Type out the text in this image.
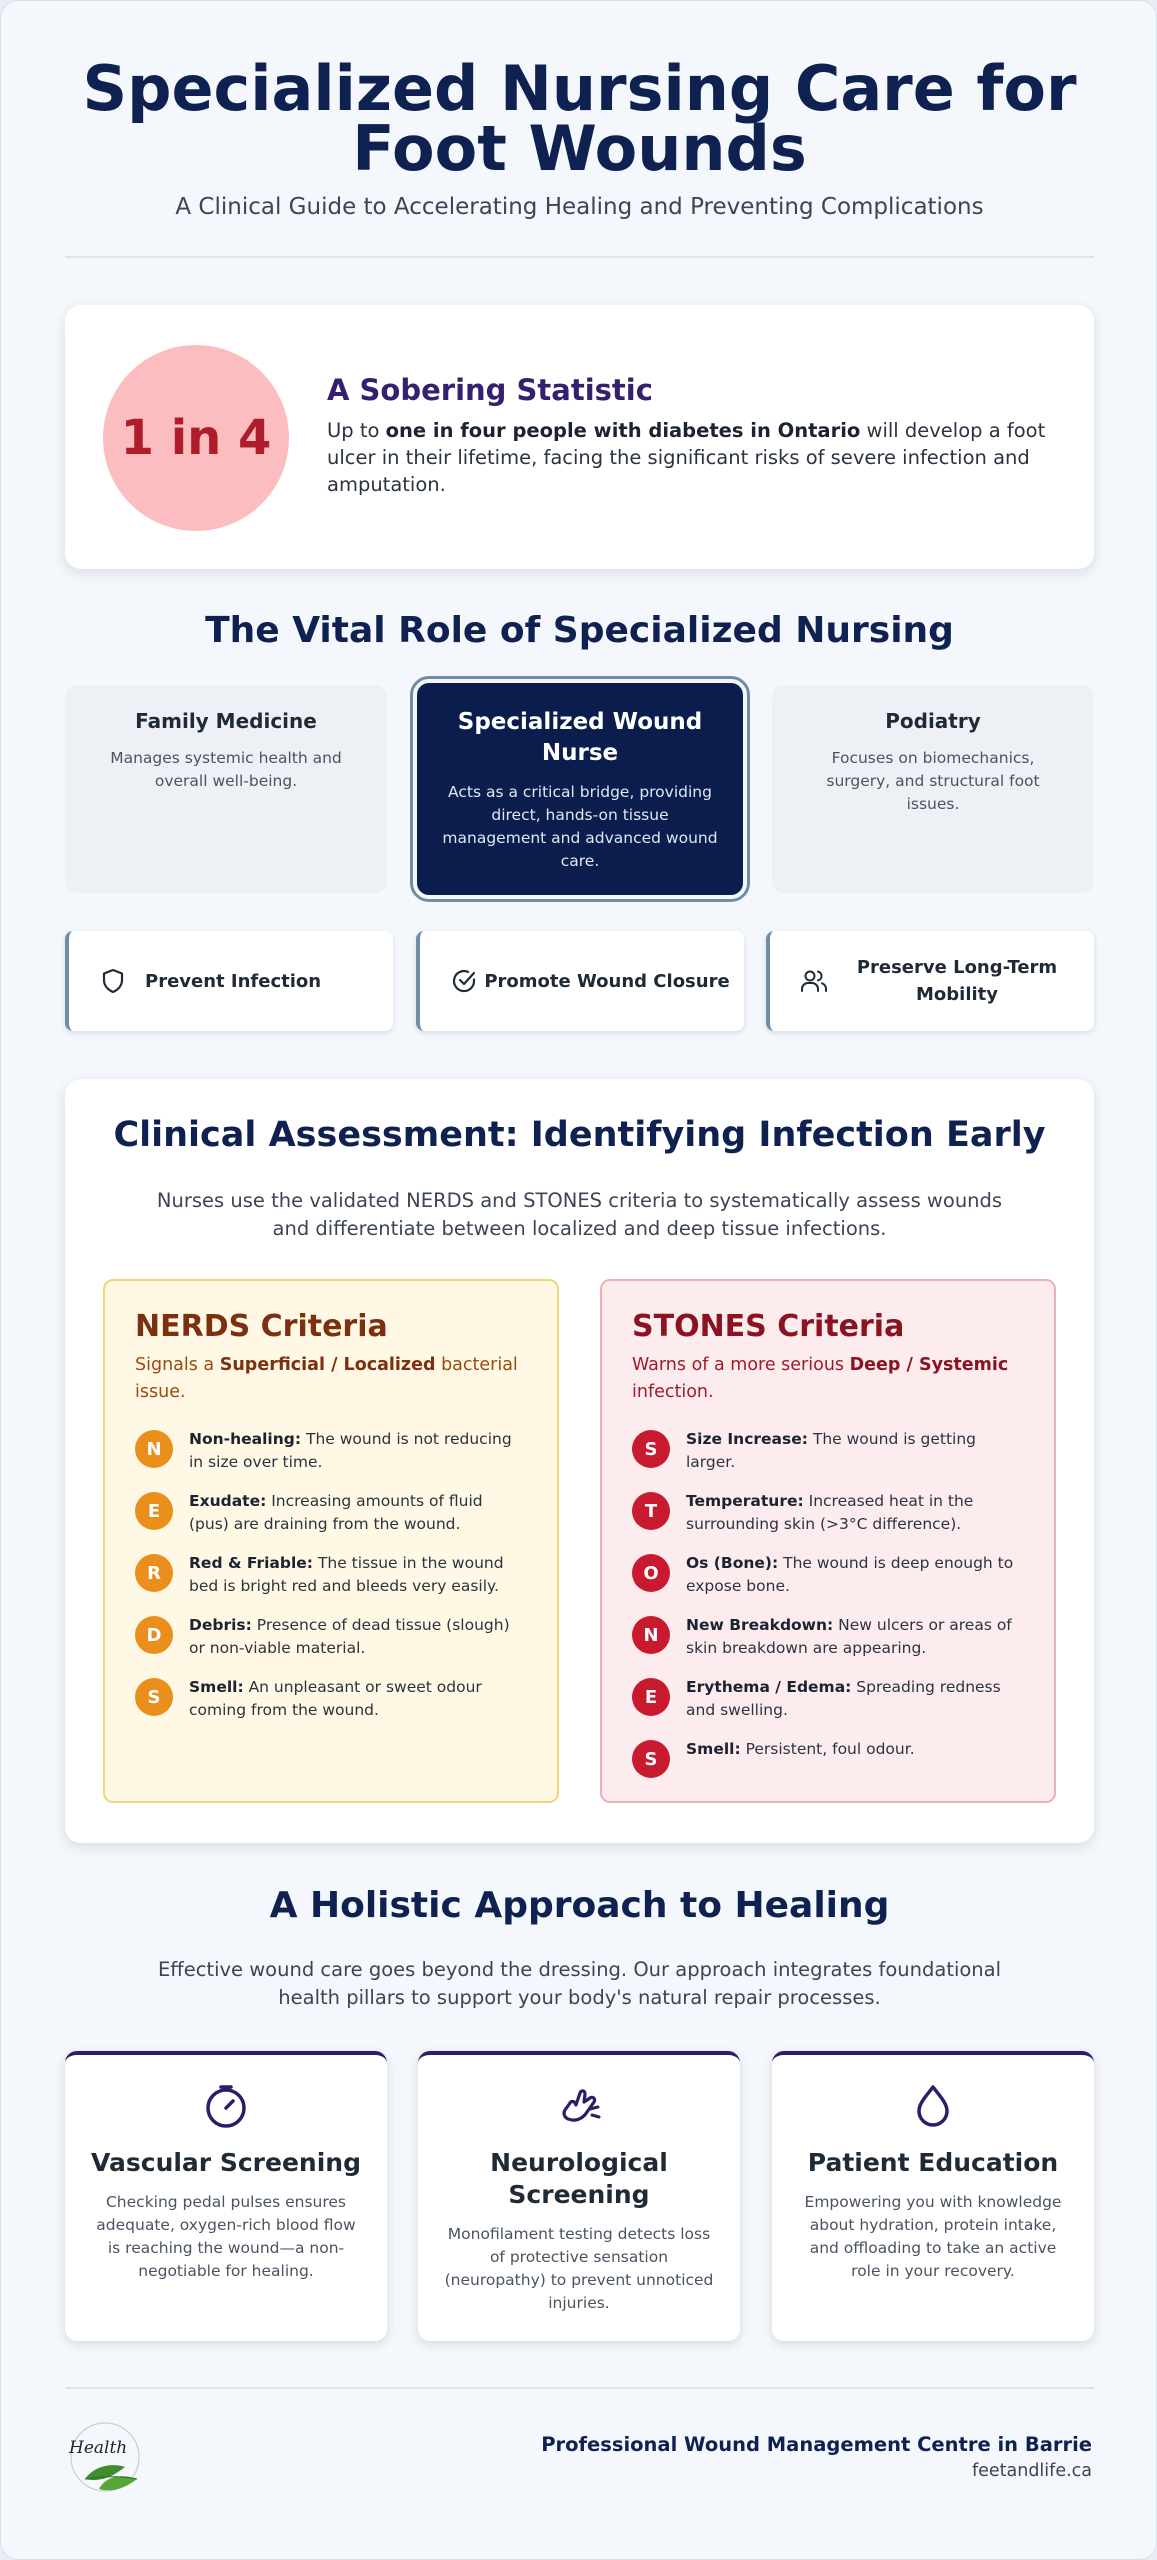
Specialized Nursing Care for Foot Wounds
A Clinical Guide to Accelerating Healing and Preventing Complications
1 in 4
A Sobering Statistic
Up to one in four people with diabetes in Ontario will develop a foot ulcer in their lifetime, facing the significant risks of severe infection and amputation.
The Vital Role of Specialized Nursing
Family Medicine
Manages systemic health and overall well-being.
Specialized Wound Nurse
Acts as a critical bridge, providing direct, hands-on tissue management and advanced wound care.
Podiatry
Focuses on biomechanics, surgery, and structural foot issues.
Prevent Infection	Promote Wound Closure
Preserve Long-Term Mobility
Clinical Assessment: Identifying Infection Early
Nurses use the validated NERDS and STONES criteria to systematically assess wounds and differentiate between localized and deep tissue infections.
NERDS Criteria
Signals a Superficial / Localized bacterial issue.
N	Non-healing: The wound is not reducing in size over time.
E	Exudate: Increasing amounts of fluid (pus) are draining from the wound.
R	Red & Friable: The tissue in the wound bed is bright red and bleeds very easily.
D	Debris: Presence of dead tissue (slough) or non-viable material.
S	Smell: An unpleasant or sweet odour coming from the wound.
STONES Criteria
Warns of a more serious Deep / Systemic infection.
S	Size Increase: The wound is getting larger.
T	Temperature: Increased heat in the surrounding skin (>3°C difference).
O	Os (Bone): The wound is deep enough to expose bone.
N	New Breakdown: New ulcers or areas of skin breakdown are appearing.
E	Erythema / Edema: Spreading redness and swelling.
S	Smell: Persistent, foul odour.
A Holistic Approach to Healing
Effective wound care goes beyond the dressing. Our approach integrates foundational health pillars to support your body's natural repair processes.
Vascular Screening
Checking pedal pulses ensures adequate, oxygen-rich blood flow is reaching the wound—a non-negotiable for healing.
Neurological Screening
Monofilament testing detects loss of protective sensation (neuropathy) to prevent unnoticed injuries.
Patient Education
Empowering you with knowledge about hydration, protein intake, and offloading to take an active role in your recovery.
Health	Professional Wound Management Centre in Barrie
feetandlife.ca
